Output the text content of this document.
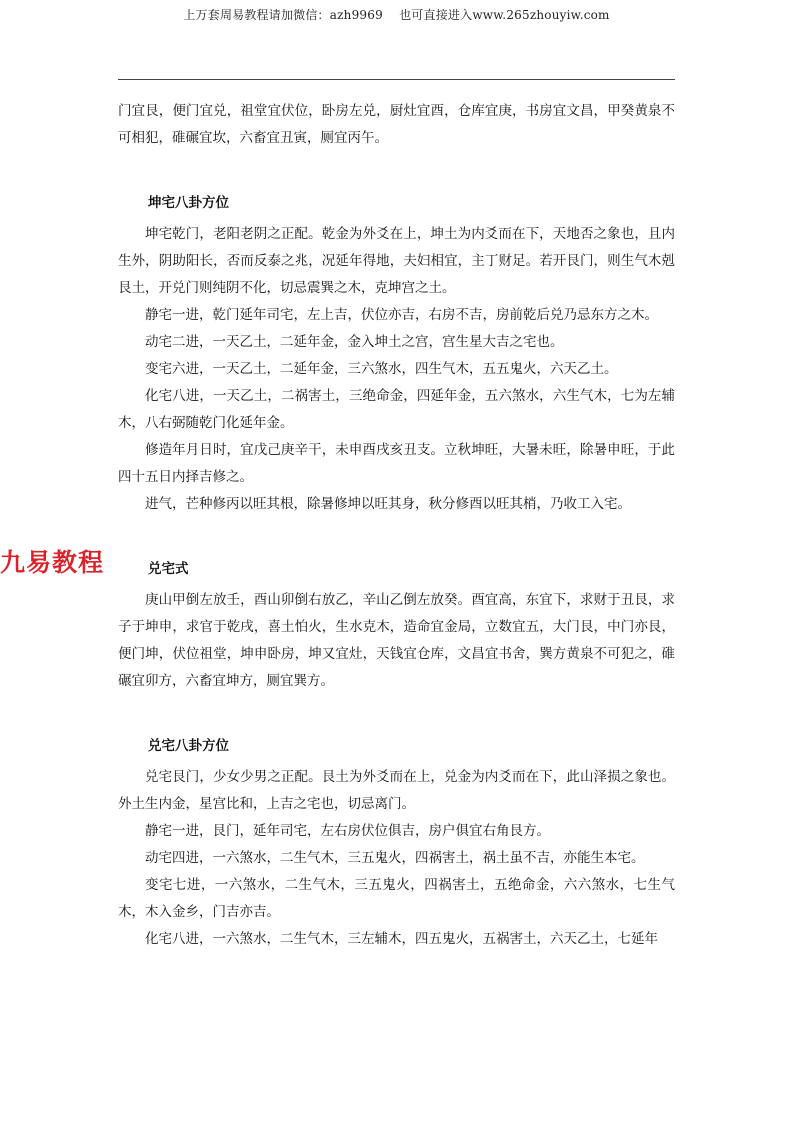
上万套周易教程请加微信：azh9969　 也可直接进入www.265zhouyiw.com

门宜艮，便门宜兑，祖堂宜伏位，卧房左兑，厨灶宜酉，仓库宜庚，书房宜文昌，甲癸黄泉不可相犯，碓碾宜坎，六畜宜丑寅，厕宜丙午。

坤宅八卦方位

坤宅乾门，老阳老阴之正配。乾金为外爻在上，坤土为内爻而在下，天地否之象也，且内生外，阴助阳长，否而反泰之兆，况延年得地，夫妇相宜，主丁财足。若开艮门，则生气木剋艮土，开兑门则纯阴不化，切忌震巽之木，克坤宫之土。

静宅一进，乾门延年司宅，左上吉，伏位亦吉，右房不吉，房前乾后兑乃忌东方之木。

动宅二进，一天乙土，二延年金，金入坤土之宫，宫生星大吉之宅也。

变宅六进，一天乙土，二延年金，三六煞水，四生气木，五五鬼火，六天乙土。

化宅八进，一天乙土，二祸害土，三绝命金，四延年金，五六煞水，六生气木，七为左辅木，八右弼随乾门化延年金。

修造年月日时，宜戊己庚辛干，未申酉戌亥丑支。立秋坤旺，大暑未旺，除暑申旺，于此四十五日内择吉修之。

进气，芒种修丙以旺其根，除暑修坤以旺其身，秋分修酉以旺其梢，乃收工入宅。

兑宅式

庚山甲倒左放壬，酉山卯倒右放乙，辛山乙倒左放癸。酉宜高，东宜下，求财于丑艮，求子于坤申，求官于乾戌，喜土怕火，生水克木，造命宜金局，立数宜五，大门艮，中门亦艮，便门坤，伏位祖堂，坤申卧房，坤又宜灶，天钱宜仓库，文昌宜书舍，巽方黄泉不可犯之，碓碾宜卯方，六畜宜坤方，厕宜巽方。

兑宅八卦方位

兑宅艮门，少女少男之正配。艮土为外爻而在上，兑金为内爻而在下，此山泽损之象也。外土生内金，星宫比和，上吉之宅也，切忌离门。

静宅一进，艮门，延年司宅，左右房伏位俱吉，房户俱宜右角艮方。

动宅四进，一六煞水，二生气木，三五鬼火，四祸害土，祸土虽不吉，亦能生本宅。

变宅七进，一六煞水，二生气木，三五鬼火，四祸害土，五绝命金，六六煞水，七生气木，木入金乡，门吉亦吉。

化宅八进，一六煞水，二生气木，三左辅木，四五鬼火，五祸害土，六天乙土，七延年

九易教程
